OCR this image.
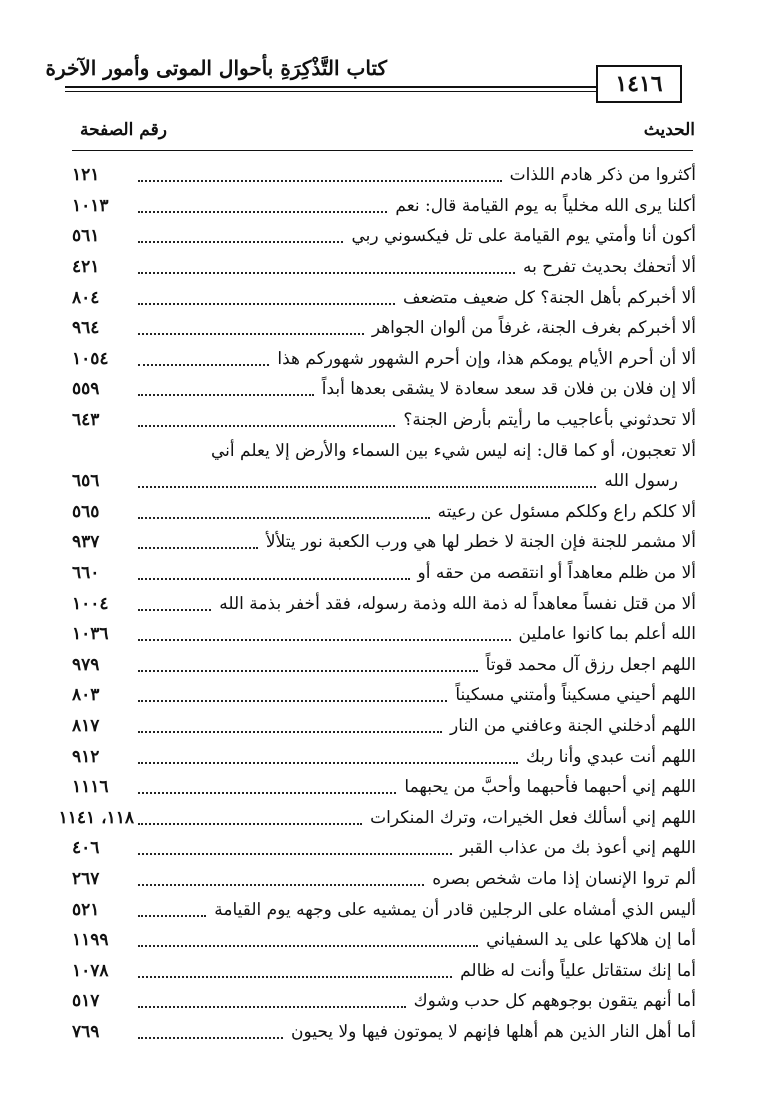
كتاب التَّذْكِرَةِ بأحوال الموتى وأمور الآخرة
١٤١٦
الحديث
رقم الصفحة
أكثروا من ذكر هادم اللذات
١٢١
أكلنا يرى الله مخلياً به يوم القيامة قال: نعم
١٠١٣
أكون أنا وأمتي يوم القيامة على تل فيكسوني ربي
٥٦١
ألا أتحفك بحديث تفرح به
٤٢١
ألا أخبركم بأهل الجنة؟ كل ضعيف متضعف
٨٠٤
ألا أخبركم بغرف الجنة، غرفاً من ألوان الجواهر
٩٦٤
ألا أن أحرم الأيام يومكم هذا، وإن أحرم الشهور شهوركم هذا
١٠٥٤
ألا إن فلان بن فلان قد سعد سعادة لا يشقى بعدها أبداً
٥٥٩
ألا تحدثوني بأعاجيب ما رأيتم بأرض الجنة؟
٦٤٣
ألا تعجبون، أو كما قال: إنه ليس شيء بين السماء والأرض إلا يعلم أني
رسول الله
٦٥٦
ألا كلكم راع وكلكم مسئول عن رعيته
٥٦٥
ألا مشمر للجنة فإن الجنة لا خطر لها هي ورب الكعبة نور يتلألأ
٩٣٧
ألا من ظلم معاهداً أو انتقصه من حقه أو
٦٦٠
ألا من قتل نفساً معاهداً له ذمة الله وذمة رسوله، فقد أخفر بذمة الله
١٠٠٤
الله أعلم بما كانوا عاملين
١٠٣٦
اللهم اجعل رزق آل محمد قوتاً
٩٧٩
اللهم أحيني مسكيناً وأمتني مسكيناً
٨٠٣
اللهم أدخلني الجنة وعافني من النار
٨١٧
اللهم أنت عبدي وأنا ربك
٩١٢
اللهم إني أحبهما فأحبهما وأحبَّ من يحبهما
١١١٦
اللهم إني أسألك فعل الخيرات، وترك المنكرات
١١٨، ١١٤١
اللهم إني أعوذ بك من عذاب القبر
٤٠٦
ألم تروا الإنسان إذا مات شخص بصره
٢٦٧
أليس الذي أمشاه على الرجلين قادر أن يمشيه على وجهه يوم القيامة
٥٢١
أما إن هلاكها على يد السفياني
١١٩٩
أما إنك ستقاتل علياً وأنت له ظالم
١٠٧٨
أما أنهم يتقون بوجوههم كل حدب وشوك
٥١٧
أما أهل النار الذين هم أهلها فإنهم لا يموتون فيها ولا يحيون
٧٦٩
